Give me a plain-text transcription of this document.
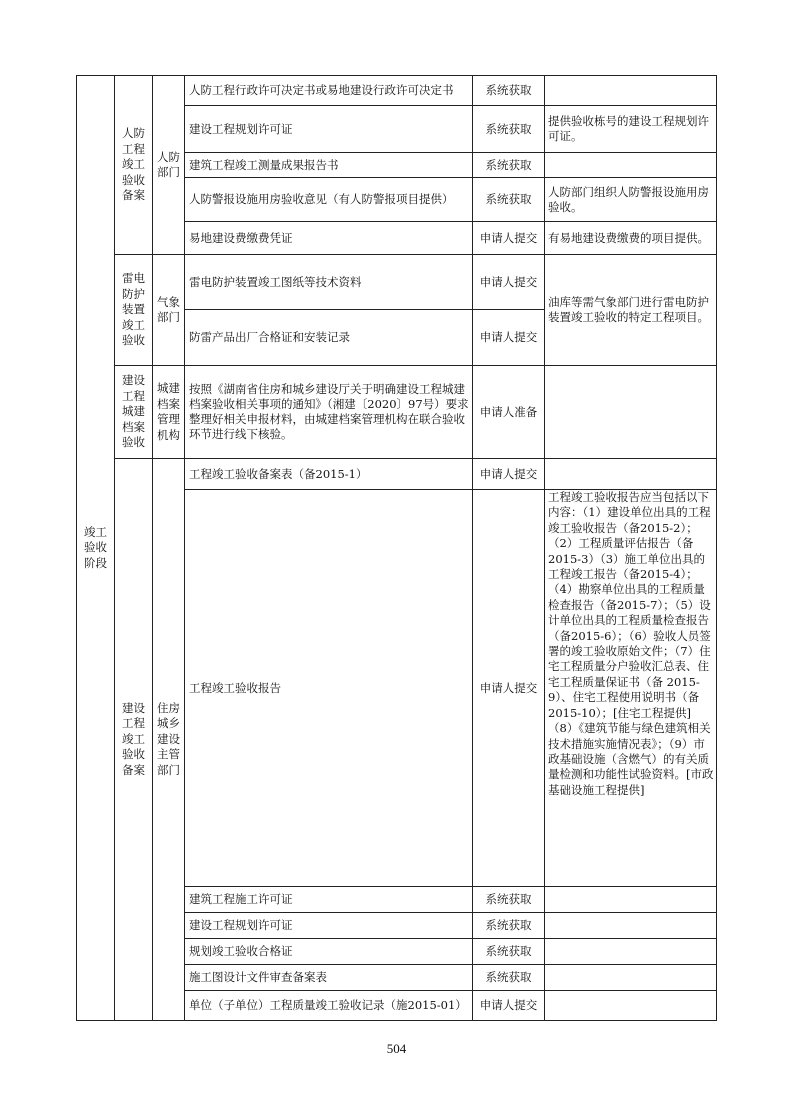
竣工验收阶段	人防工程竣工验收备案	人防部门	人防工程行政许可决定书或易地建设行政许可决定书	系统获取	
			建设工程规划许可证	系统获取	提供验收栋号的建设工程规划许可证。
			建筑工程竣工测量成果报告书	系统获取	
			人防警报设施用房验收意见（有人防警报项目提供）	系统获取	人防部门组织人防警报设施用房验收。
			易地建设费缴费凭证	申请人提交	有易地建设费缴费的项目提供。
	雷电防护装置竣工验收	气象部门	雷电防护装置竣工图纸等技术资料	申请人提交	油库等需气象部门进行雷电防护装置竣工验收的特定工程项目。
			防雷产品出厂合格证和安装记录	申请人提交	
	建设工程城建档案验收	城建档案管理机构	按照《湖南省住房和城乡建设厅关于明确建设工程城建档案验收相关事项的通知》（湘建〔2020〕97号）要求整理好相关申报材料，由城建档案管理机构在联合验收环节进行线下核验。	申请人准备	
	建设工程竣工验收备案	住房城乡建设主管部门	工程竣工验收备案表（备2015-1）	申请人提交	
			工程竣工验收报告	申请人提交	工程竣工验收报告应当包括以下内容：（1）建设单位出具的工程竣工验收报告（备2015-2）；（2）工程质量评估报告（备2015-3）（3）施工单位出具的工程竣工报告（备2015-4）；（4）勘察单位出具的工程质量检查报告（备2015-7）；（5）设计单位出具的工程质量检查报告（备2015-6）；（6）验收人员签署的竣工验收原始文件；（7）住宅工程质量分户验收汇总表、住宅工程质量保证书（备 2015-9）、住宅工程使用说明书（备2015-10）；[住宅工程提供]（8）《建筑节能与绿色建筑相关技术措施实施情况表》；（9）市政基础设施（含燃气）的有关质量检测和功能性试验资料。[市政基础设施工程提供]
			建筑工程施工许可证	系统获取	
			建设工程规划许可证	系统获取	
			规划竣工验收合格证	系统获取	
			施工图设计文件审查备案表	系统获取	
			单位（子单位）工程质量竣工验收记录（施2015-01）	申请人提交	
504
